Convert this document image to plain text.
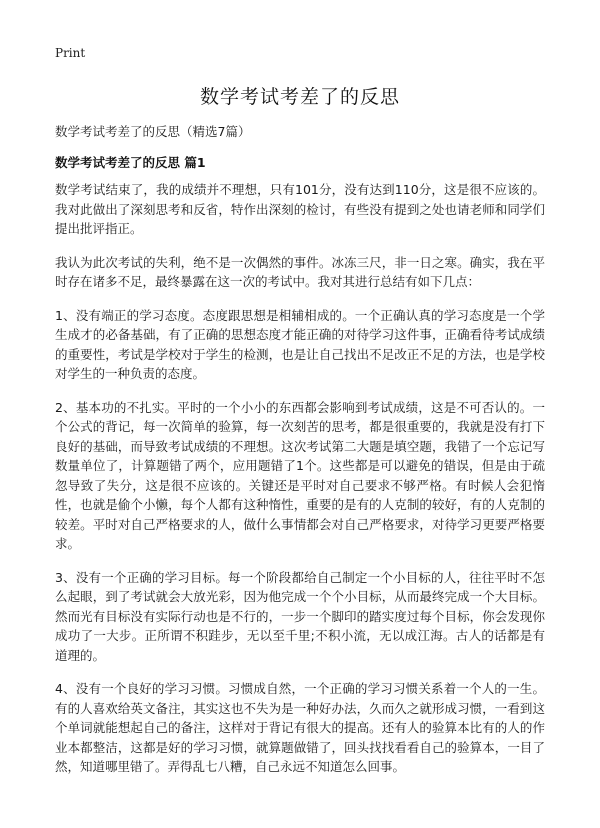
Print
数学考试考差了的反思
数学考试考差了的反思（精选7篇）
数学考试考差了的反思 篇1

数学考试结束了，我的成绩并不理想，只有101分，没有达到110分，这是很不应该的。我对此做出了深刻思考和反省，特作出深刻的检讨，有些没有提到之处也请老师和同学们提出批评指正。

我认为此次考试的失利，绝不是一次偶然的事件。冰冻三尺，非一日之寒。确实，我在平时存在诸多不足，最终暴露在这一次的考试中。我对其进行总结有如下几点：

1、没有端正的学习态度。态度跟思想是相辅相成的。一个正确认真的学习态度是一个学生成才的必备基础，有了正确的思想态度才能正确的对待学习这件事，正确看待考试成绩的重要性，考试是学校对于学生的检测，也是让自己找出不足改正不足的方法，也是学校对学生的一种负责的态度。

2、基本功的不扎实。平时的一个小小的东西都会影响到考试成绩，这是不可否认的。一个公式的背记，每一次简单的验算，每一次刻苦的思考，都是很重要的，我就是没有打下良好的基础，而导致考试成绩的不理想。这次考试第二大题是填空题，我错了一个忘记写数量单位了，计算题错了两个，应用题错了1个。这些都是可以避免的错误，但是由于疏忽导致了失分，这是很不应该的。关键还是平时对自己要求不够严格。有时候人会犯惰性，也就是偷个小懒，每个人都有这种惰性，重要的是有的人克制的较好，有的人克制的较差。平时对自己严格要求的人，做什么事情都会对自己严格要求，对待学习更要严格要求。

3、没有一个正确的学习目标。每一个阶段都给自己制定一个小目标的人，往往平时不怎么起眼，到了考试就会大放光彩，因为他完成一个个小目标，从而最终完成一个大目标。然而光有目标没有实际行动也是不行的，一步一个脚印的踏实度过每个目标，你会发现你成功了一大步。正所谓不积跬步，无以至千里;不积小流，无以成江海。古人的话都是有道理的。

4、没有一个良好的学习习惯。习惯成自然，一个正确的学习习惯关系着一个人的一生。有的人喜欢给英文备注，其实这也不失为是一种好办法，久而久之就形成习惯，一看到这个单词就能想起自己的备注，这样对于背记有很大的提高。还有人的验算本比有的人的作业本都整洁，这都是好的学习习惯，就算题做错了，回头找找看看自己的验算本，一目了然，知道哪里错了。弄得乱七八糟，自己永远不知道怎么回事。
